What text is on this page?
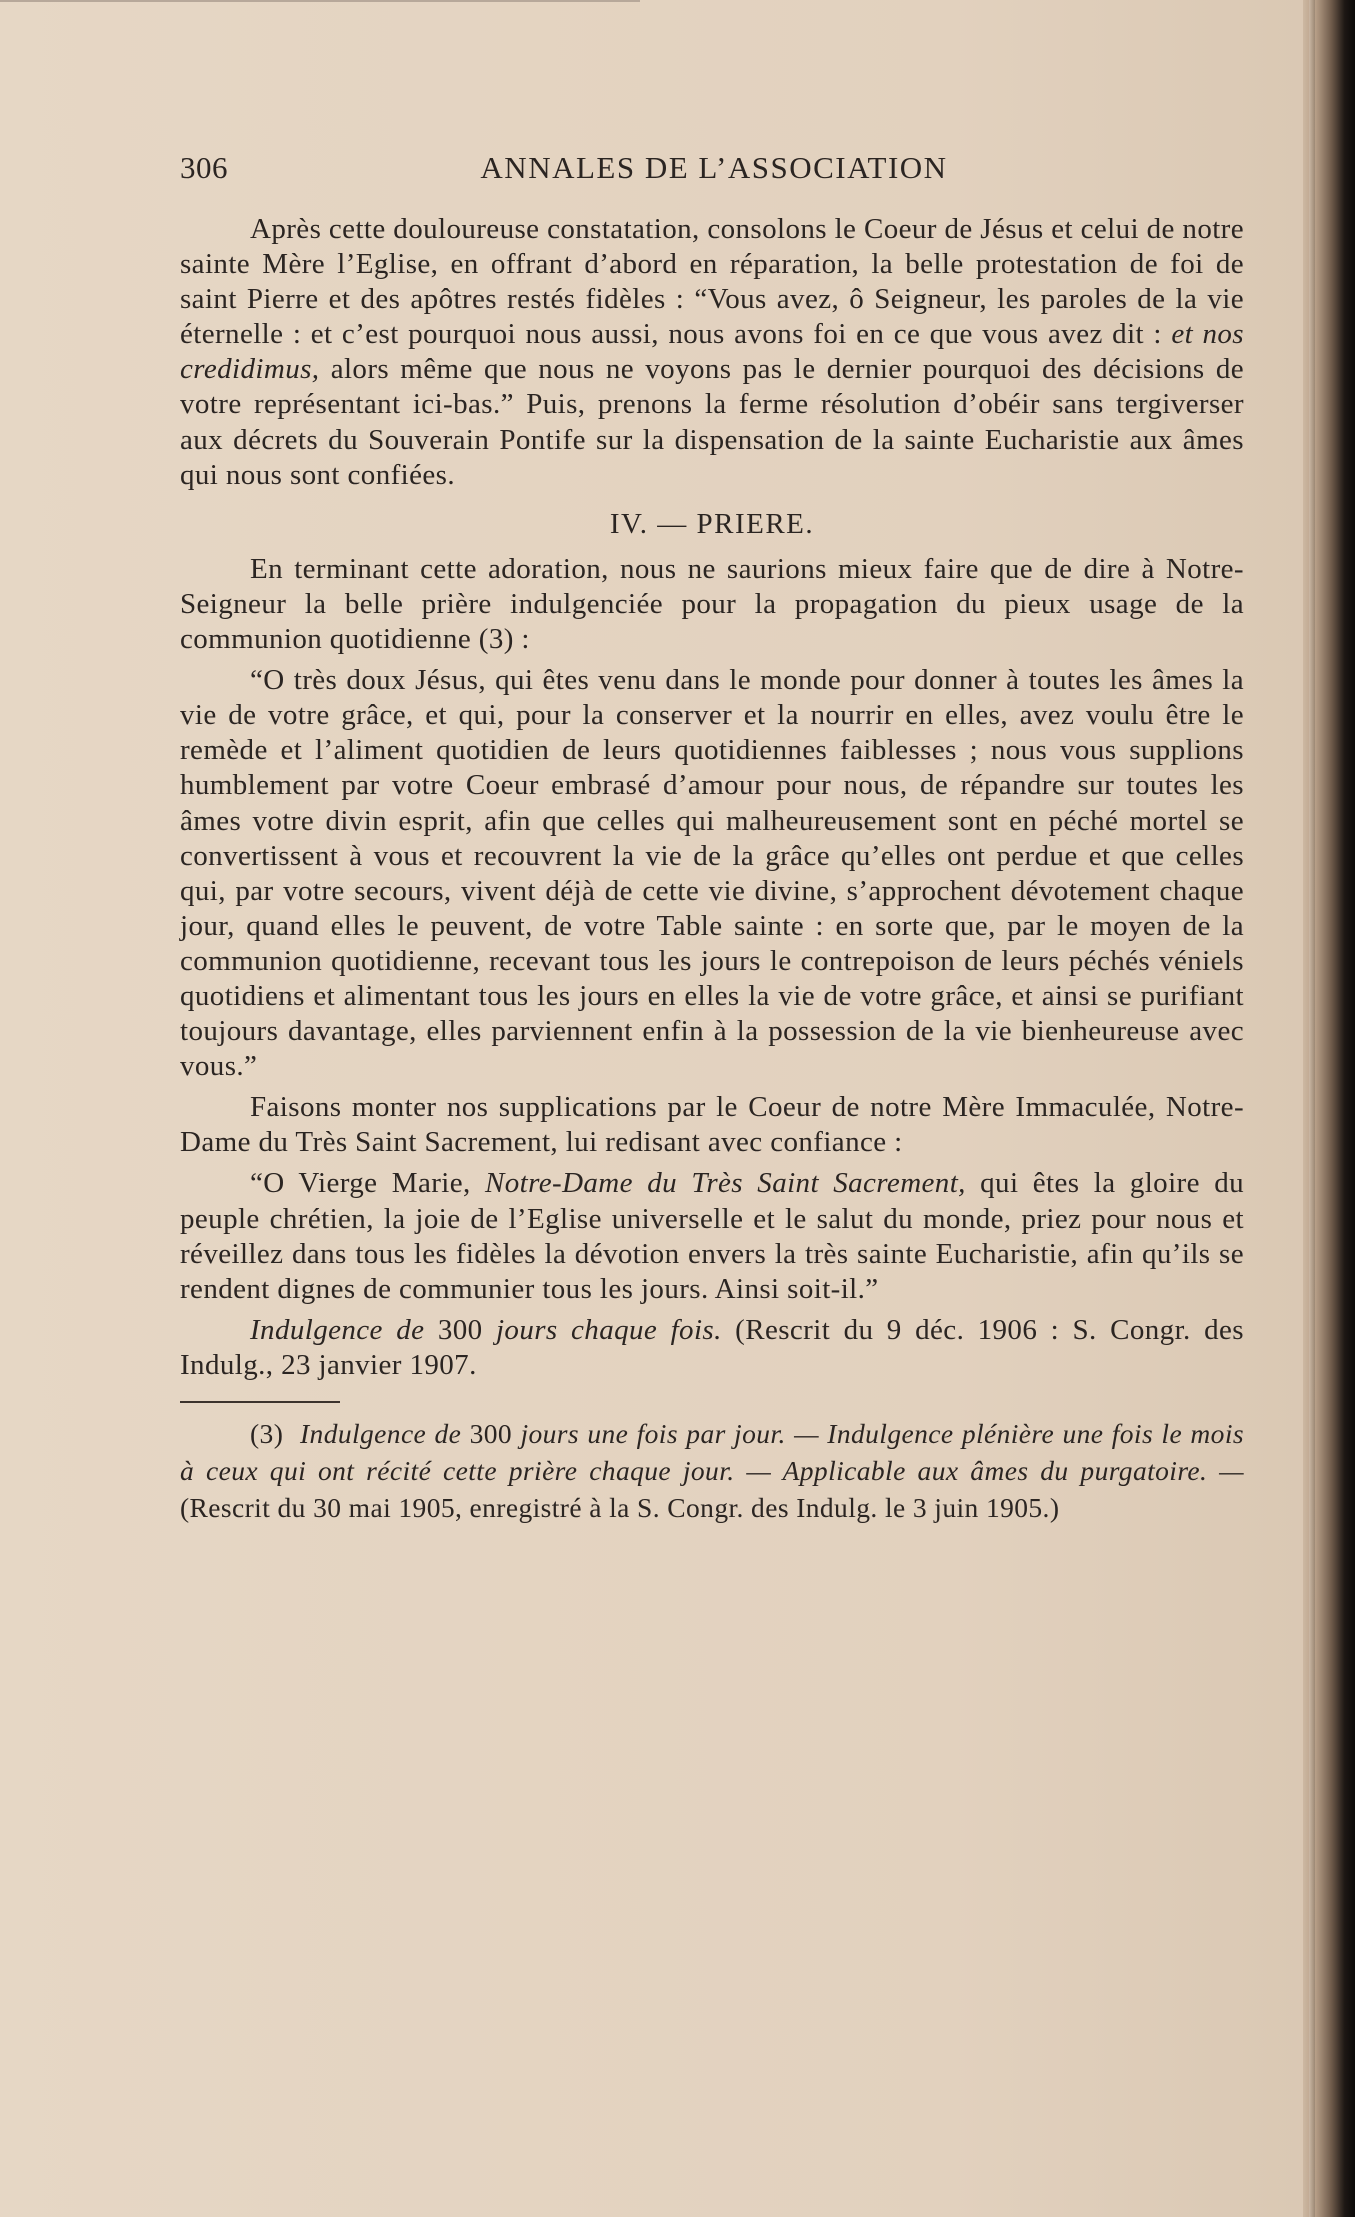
306	ANNALES DE L’ASSOCIATION

Après cette douloureuse constatation, consolons le Coeur de Jésus et celui de notre sainte Mère l’Eglise, en offrant d’abord en réparation, la belle protestation de foi de saint Pierre et des apôtres restés fidèles : “Vous avez, ô Seigneur, les paroles de la vie éternelle : et c’est pourquoi nous aussi, nous avons foi en ce que vous avez dit : et nos credidimus, alors même que nous ne voyons pas le dernier pourquoi des décisions de votre représentant ici-bas.” Puis, prenons la ferme résolution d’obéir sans tergiverser aux décrets du Souverain Pontife sur la dispensation de la sainte Eucharistie aux âmes qui nous sont confiées.

IV. — PRIERE.

En terminant cette adoration, nous ne saurions mieux faire que de dire à Notre-Seigneur la belle prière indulgenciée pour la propagation du pieux usage de la communion quotidienne (3) :

“O très doux Jésus, qui êtes venu dans le monde pour donner à toutes les âmes la vie de votre grâce, et qui, pour la conserver et la nourrir en elles, avez voulu être le remède et l’aliment quotidien de leurs quotidiennes faiblesses ; nous vous supplions humblement par votre Coeur embrasé d’amour pour nous, de répandre sur toutes les âmes votre divin esprit, afin que celles qui malheureusement sont en péché mortel se convertissent à vous et recouvrent la vie de la grâce qu’elles ont perdue et que celles qui, par votre secours, vivent déjà de cette vie divine, s’approchent dévotement chaque jour, quand elles le peuvent, de votre Table sainte : en sorte que, par le moyen de la communion quotidienne, recevant tous les jours le contrepoison de leurs péchés véniels quotidiens et alimentant tous les jours en elles la vie de votre grâce, et ainsi se purifiant toujours davantage, elles parviennent enfin à la possession de la vie bienheureuse avec vous.”

Faisons monter nos supplications par le Coeur de notre Mère Immaculée, Notre-Dame du Très Saint Sacrement, lui redisant avec confiance :

“O Vierge Marie, Notre-Dame du Très Saint Sacrement, qui êtes la gloire du peuple chrétien, la joie de l’Eglise universelle et le salut du monde, priez pour nous et réveillez dans tous les fidèles la dévotion envers la très sainte Eucharistie, afin qu’ils se rendent dignes de communier tous les jours. Ainsi soit-il.”

Indulgence de 300 jours chaque fois. (Rescrit du 9 déc. 1906 : S. Congr. des Indulg., 23 janvier 1907.

(3) Indulgence de 300 jours une fois par jour. — Indulgence plénière une fois le mois à ceux qui ont récité cette prière chaque jour. — Applicable aux âmes du purgatoire. — (Rescrit du 30 mai 1905, enregistré à la S. Congr. des Indulg. le 3 juin 1905.)
